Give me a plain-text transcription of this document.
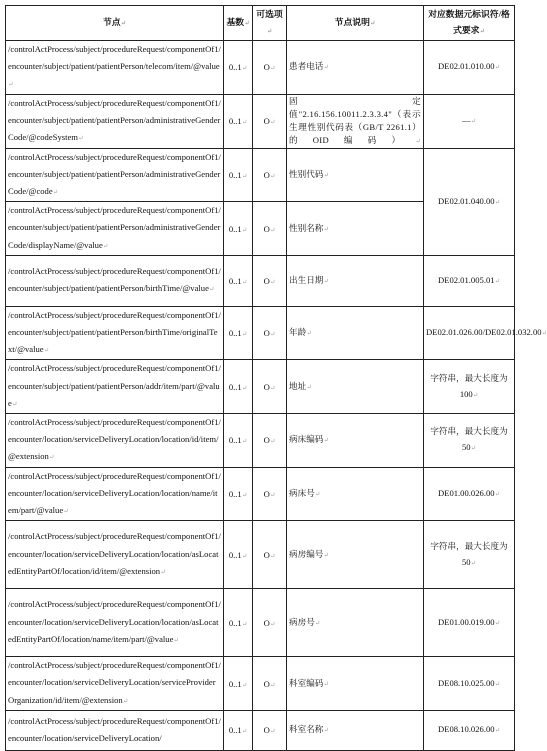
节点↵	基数↵	可选项↵	节点说明↵	对应数据元标识符/格式要求↵
/controlActProcess/subject/procedureRequest/componentOf1/encounter/subject/patient/patientPerson/telecom/item/@value↵	0..1↵	O↵	患者电话↵	DE02.01.010.00↵
/controlActProcess/subject/procedureRequest/componentOf1/encounter/subject/patient/patientPerson/administrativeGenderCode/@codeSystem↵	0..1↵	O↵	固定值"2.16.156.10011.2.3.3.4"（表示生理性别代码表（GB/T 2261.1）的OID编码）↵	—↵
/controlActProcess/subject/procedureRequest/componentOf1/encounter/subject/patient/patientPerson/administrativeGenderCode/@code↵	0..1↵	O↵	性别代码↵	DE02.01.040.00↵
/controlActProcess/subject/procedureRequest/componentOf1/encounter/subject/patient/patientPerson/administrativeGenderCode/displayName/@value↵	0..1↵	O↵	性别名称↵	
/controlActProcess/subject/procedureRequest/componentOf1/encounter/subject/patient/patientPerson/birthTime/@value↵	0..1↵	O↵	出生日期↵	DE02.01.005.01↵
/controlActProcess/subject/procedureRequest/componentOf1/encounter/subject/patient/patientPerson/birthTime/originalText/@value↵	0..1↵	O↵	年龄↵	DE02.01.026.00/DE02.01.032.00↵
/controlActProcess/subject/procedureRequest/componentOf1/encounter/subject/patient/patientPerson/addr/item/part/@value↵	0..1↵	O↵	地址↵	字符串，最大长度为100↵
/controlActProcess/subject/procedureRequest/componentOf1/encounter/location/serviceDeliveryLocation/location/id/item/@extension↵	0..1↵	O↵	病床编码↵	字符串，最大长度为50↵
/controlActProcess/subject/procedureRequest/componentOf1/encounter/location/serviceDeliveryLocation/location/name/item/part/@value↵	0..1↵	O↵	病床号↵	DE01.00.026.00↵
/controlActProcess/subject/procedureRequest/componentOf1/encounter/location/serviceDeliveryLocation/location/asLocatedEntityPartOf/location/id/item/@extension↵	0..1↵	O↵	病房编号↵	字符串，最大长度为50↵
/controlActProcess/subject/procedureRequest/componentOf1/encounter/location/serviceDeliveryLocation/location/asLocatedEntityPartOf/location/name/item/part/@value↵	0..1↵	O↵	病房号↵	DE01.00.019.00↵
/controlActProcess/subject/procedureRequest/componentOf1/encounter/location/serviceDeliveryLocation/serviceProviderOrganization/id/item/@extension↵	0..1↵	O↵	科室编码↵	DE08.10.025.00↵
/controlActProcess/subject/procedureRequest/componentOf1/encounter/location/serviceDeliveryLocation/	0..1↵	O↵	科室名称↵	DE08.10.026.00↵
